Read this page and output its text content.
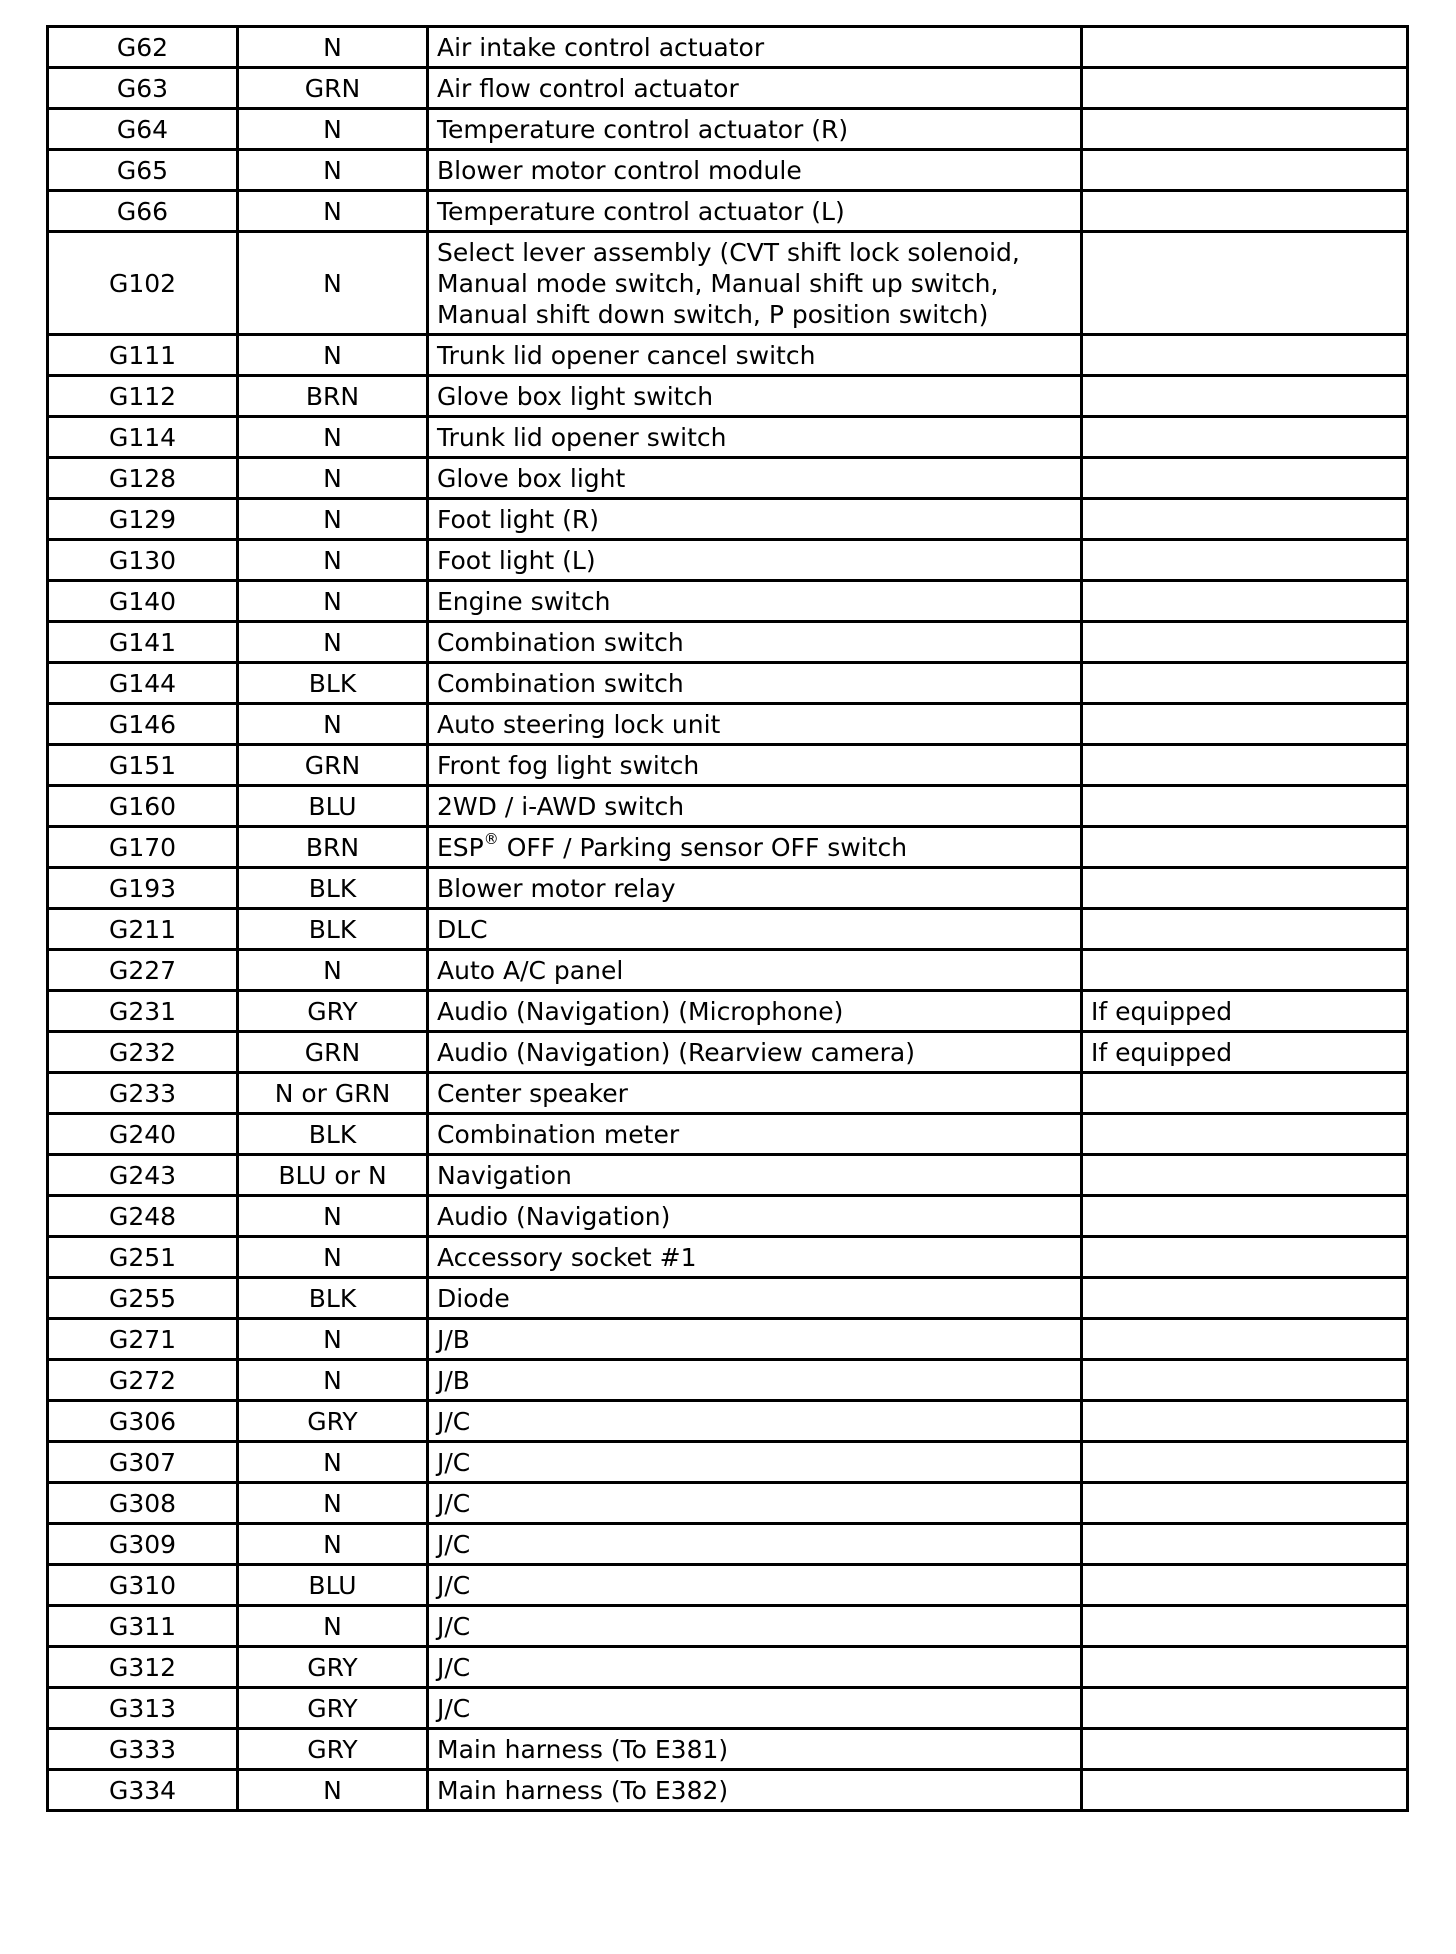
G62	N	Air intake control actuator	
G63	GRN	Air flow control actuator	
G64	N	Temperature control actuator (R)	
G65	N	Blower motor control module	
G66	N	Temperature control actuator (L)	
G102	N	Select lever assembly (CVT shift lock solenoid, Manual mode switch, Manual shift up switch, Manual shift down switch, P position switch)	
G111	N	Trunk lid opener cancel switch	
G112	BRN	Glove box light switch	
G114	N	Trunk lid opener switch	
G128	N	Glove box light	
G129	N	Foot light (R)	
G130	N	Foot light (L)	
G140	N	Engine switch	
G141	N	Combination switch	
G144	BLK	Combination switch	
G146	N	Auto steering lock unit	
G151	GRN	Front fog light switch	
G160	BLU	2WD / i-AWD switch	
G170	BRN	ESP® OFF / Parking sensor OFF switch	
G193	BLK	Blower motor relay	
G211	BLK	DLC	
G227	N	Auto A/C panel	
G231	GRY	Audio (Navigation) (Microphone)	If equipped
G232	GRN	Audio (Navigation) (Rearview camera)	If equipped
G233	N or GRN	Center speaker	
G240	BLK	Combination meter	
G243	BLU or N	Navigation	
G248	N	Audio (Navigation)	
G251	N	Accessory socket #1	
G255	BLK	Diode	
G271	N	J/B	
G272	N	J/B	
G306	GRY	J/C	
G307	N	J/C	
G308	N	J/C	
G309	N	J/C	
G310	BLU	J/C	
G311	N	J/C	
G312	GRY	J/C	
G313	GRY	J/C	
G333	GRY	Main harness (To E381)	
G334	N	Main harness (To E382)	
